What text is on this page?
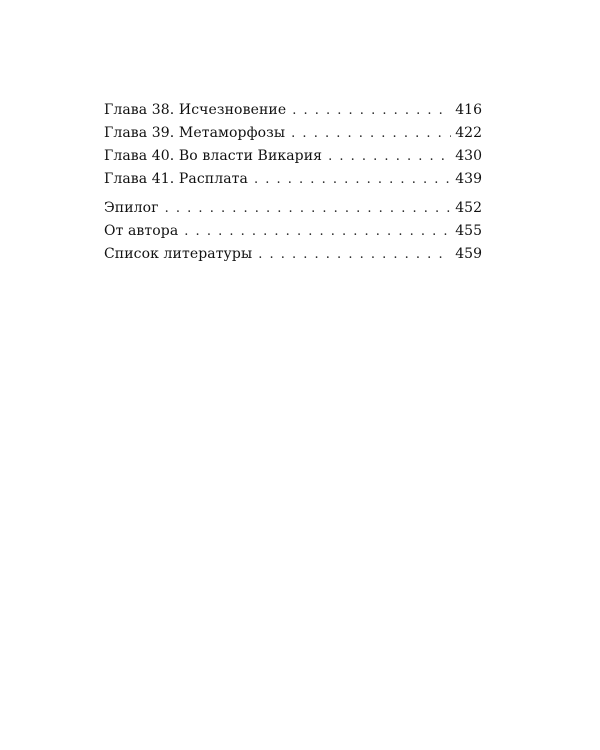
Глава 38. Исчезновение . . .	416
Глава 39. Метаморфозы . . .	422
Глава 40. Во власти Викария . . .	430
Глава 41. Расплата . . .	439
Эпилог . . .	452
От автора . . .	455
Список литературы . . .	459
